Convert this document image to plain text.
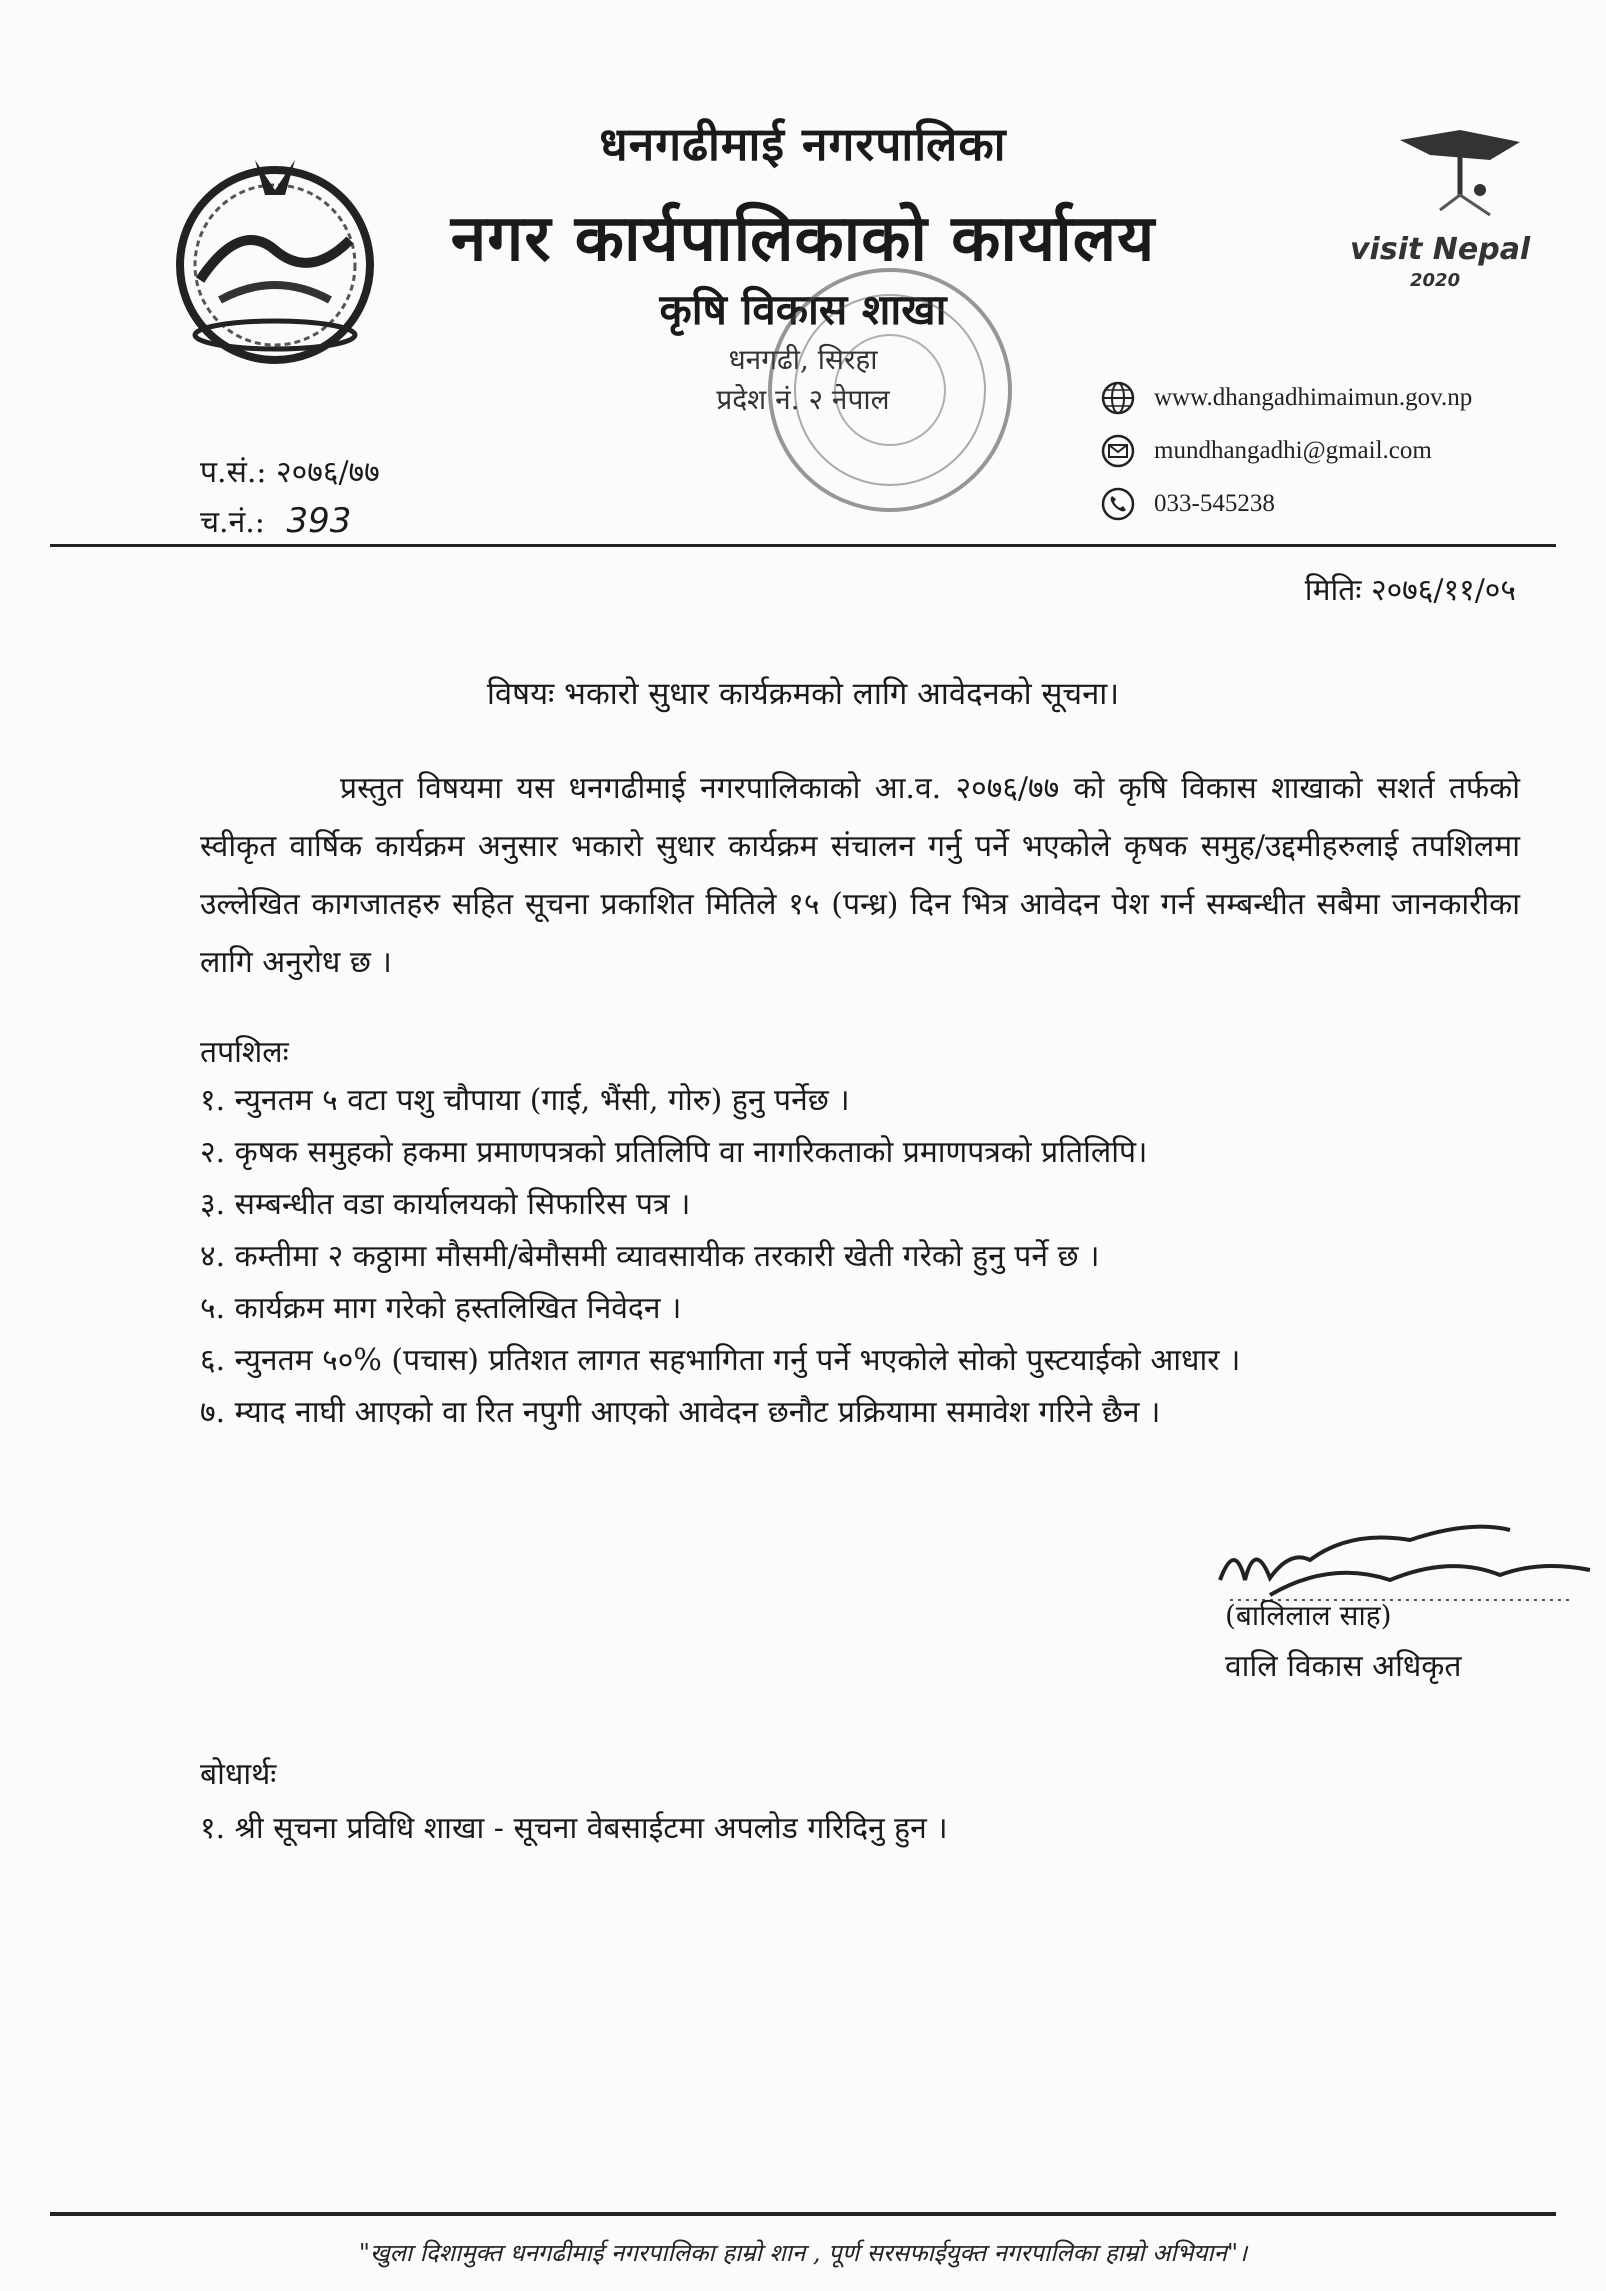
धनगढीमाई नगरपालिका
नगर कार्यपालिकाको कार्यालय
कृषि विकास शाखा
धनगढी, सिरहा
प्रदेश नं. २ नेपाल
visit Nepal
2020
www.dhangadhimaimun.gov.np
mundhangadhi@gmail.com
033-545238
प.सं.: २०७६/७७
च.नं.: 393
मितिः २०७६/११/०५
विषयः भकारो सुधार कार्यक्रमको लागि आवेदनको सूचना।
प्रस्तुत विषयमा यस धनगढीमाई नगरपालिकाको आ.व. २०७६/७७ को कृषि विकास शाखाको सशर्त तर्फको स्वीकृत वार्षिक कार्यक्रम अनुसार भकारो सुधार कार्यक्रम संचालन गर्नु पर्ने भएकोले कृषक समुह/उद्दमीहरुलाई तपशिलमा उल्लेखित कागजातहरु सहित सूचना प्रकाशित मितिले १५ (पन्ध्र) दिन भित्र आवेदन पेश गर्न सम्बन्धीत सबैमा जानकारीका लागि अनुरोध छ ।
तपशिलः
१. न्युनतम ५ वटा पशु चौपाया (गाई, भैंसी, गोरु) हुनु पर्नेछ ।
२. कृषक समुहको हकमा प्रमाणपत्रको प्रतिलिपि वा नागरिकताको प्रमाणपत्रको प्रतिलिपि।
३. सम्बन्धीत वडा कार्यालयको सिफारिस पत्र ।
४. कम्तीमा २ कठ्ठामा मौसमी/बेमौसमी व्यावसायीक तरकारी खेती गरेको हुनु पर्ने छ ।
५. कार्यक्रम माग गरेको हस्तलिखित निवेदन ।
६. न्युनतम ५०% (पचास) प्रतिशत लागत सहभागिता गर्नु पर्ने भएकोले सोको पुस्टयाईको आधार ।
७. म्याद नाघी आएको वा रित नपुगी आएको आवेदन छनौट प्रक्रियामा समावेश गरिने छैन ।
(बालिलाल साह)
वालि विकास अधिकृत
बोधार्थः
१. श्री सूचना प्रविधि शाखा - सूचना वेबसाईटमा अपलोड गरिदिनु हुन ।
"खुला दिशामुक्त धनगढीमाई नगरपालिका हाम्रो शान , पूर्ण सरसफाईयुक्त नगरपालिका हाम्रो अभियान"।
